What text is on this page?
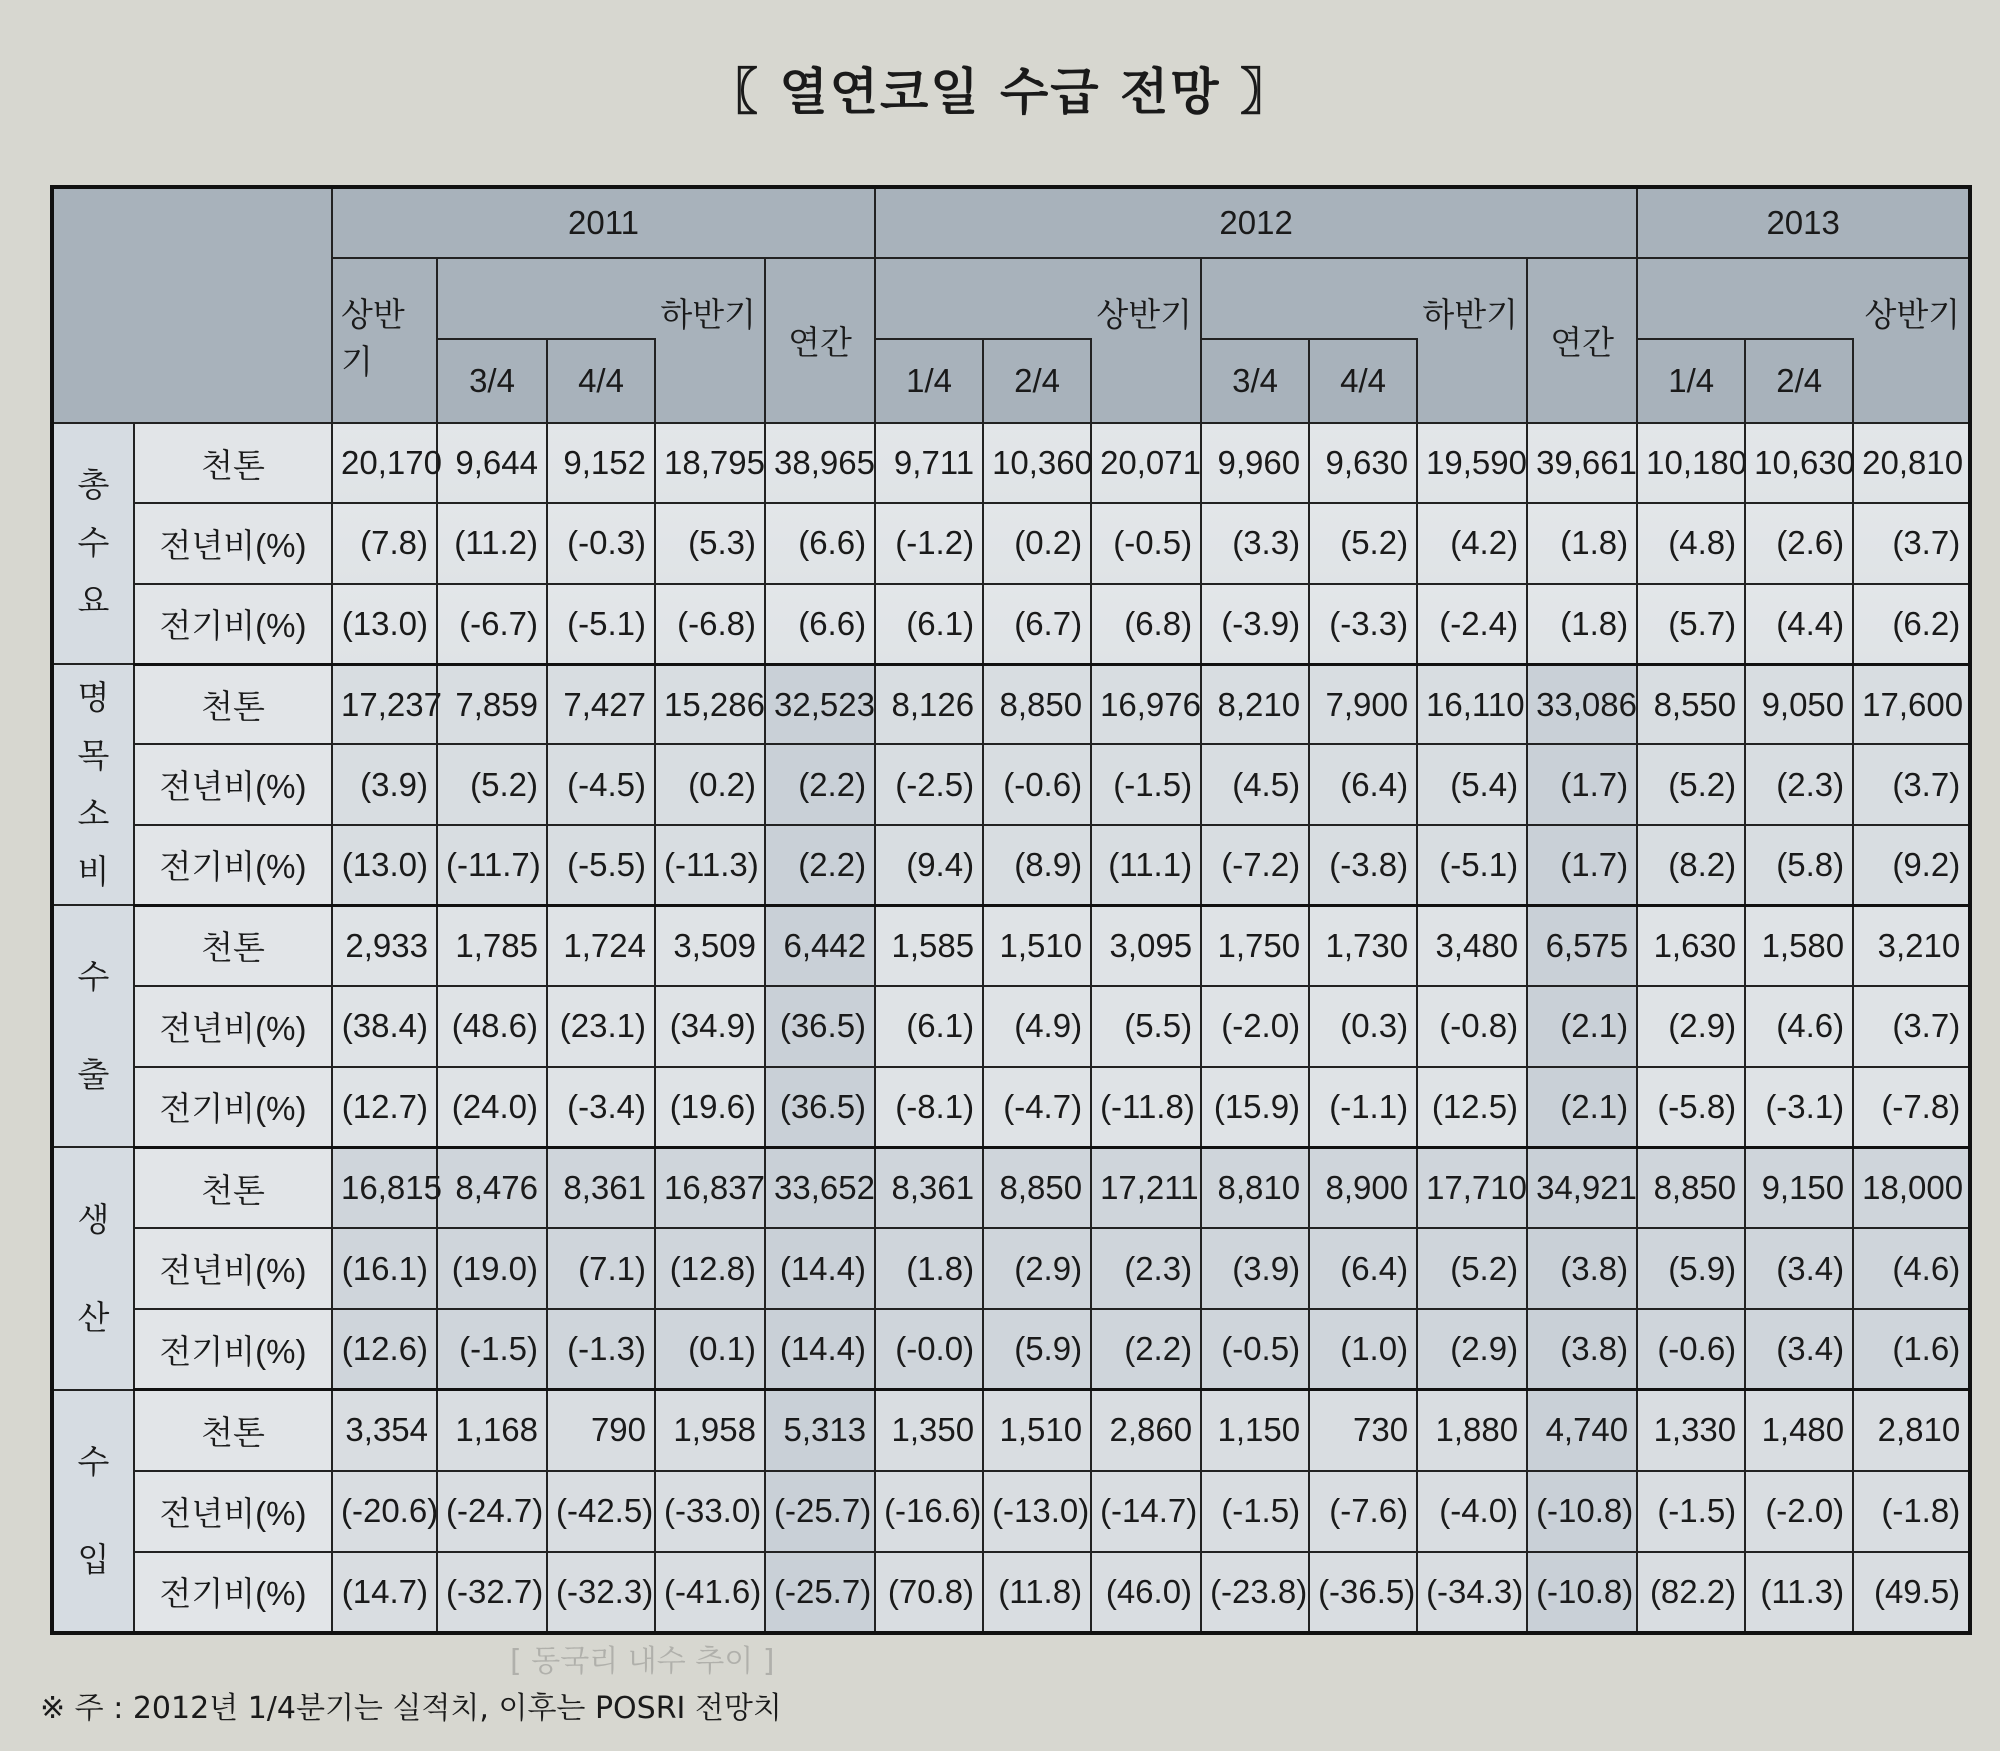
〖 열연코일 수급 전망 〗
		2011					2012							2013		
		상반기	하반기			연간	상반기			하반기			연간	상반기		
			3/4	4/4			1/4	2/4		3/4	4/4			1/4	2/4	

총
수
요	천톤	20,170	9,644	9,152	18,795	38,965	9,711	10,360	20,071	9,960	9,630	19,590	39,661	10,180	10,630	20,810
	전년비(%)	(7.8)	(11.2)	(-0.3)	(5.3)	(6.6)	(-1.2)	(0.2)	(-0.5)	(3.3)	(5.2)	(4.2)	(1.8)	(4.8)	(2.6)	(3.7)
	전기비(%)	(13.0)	(-6.7)	(-5.1)	(-6.8)	(6.6)	(6.1)	(6.7)	(6.8)	(-3.9)	(-3.3)	(-2.4)	(1.8)	(5.7)	(4.4)	(6.2)

명
목
소
비	천톤	17,237	7,859	7,427	15,286	32,523	8,126	8,850	16,976	8,210	7,900	16,110	33,086	8,550	9,050	17,600
	전년비(%)	(3.9)	(5.2)	(-4.5)	(0.2)	(2.2)	(-2.5)	(-0.6)	(-1.5)	(4.5)	(6.4)	(5.4)	(1.7)	(5.2)	(2.3)	(3.7)
	전기비(%)	(13.0)	(-11.7)	(-5.5)	(-11.3)	(2.2)	(9.4)	(8.9)	(11.1)	(-7.2)	(-3.8)	(-5.1)	(1.7)	(8.2)	(5.8)	(9.2)

수
출	천톤	2,933	1,785	1,724	3,509	6,442	1,585	1,510	3,095	1,750	1,730	3,480	6,575	1,630	1,580	3,210
	전년비(%)	(38.4)	(48.6)	(23.1)	(34.9)	(36.5)	(6.1)	(4.9)	(5.5)	(-2.0)	(0.3)	(-0.8)	(2.1)	(2.9)	(4.6)	(3.7)
	전기비(%)	(12.7)	(24.0)	(-3.4)	(19.6)	(36.5)	(-8.1)	(-4.7)	(-11.8)	(15.9)	(-1.1)	(12.5)	(2.1)	(-5.8)	(-3.1)	(-7.8)

생
산	천톤	16,815	8,476	8,361	16,837	33,652	8,361	8,850	17,211	8,810	8,900	17,710	34,921	8,850	9,150	18,000
	전년비(%)	(16.1)	(19.0)	(7.1)	(12.8)	(14.4)	(1.8)	(2.9)	(2.3)	(3.9)	(6.4)	(5.2)	(3.8)	(5.9)	(3.4)	(4.6)
	전기비(%)	(12.6)	(-1.5)	(-1.3)	(0.1)	(14.4)	(-0.0)	(5.9)	(2.2)	(-0.5)	(1.0)	(2.9)	(3.8)	(-0.6)	(3.4)	(1.6)

수
입	천톤	3,354	1,168	790	1,958	5,313	1,350	1,510	2,860	1,150	730	1,880	4,740	1,330	1,480	2,810
	전년비(%)	(-20.6)	(-24.7)	(-42.5)	(-33.0)	(-25.7)	(-16.6)	(-13.0)	(-14.7)	(-1.5)	(-7.6)	(-4.0)	(-10.8)	(-1.5)	(-2.0)	(-1.8)
	전기비(%)	(14.7)	(-32.7)	(-32.3)	(-41.6)	(-25.7)	(70.8)	(11.8)	(46.0)	(-23.8)	(-36.5)	(-34.3)	(-10.8)	(82.2)	(11.3)	(49.5)
[ 동국리 내수 추이 ]
※ 주 : 2012년 1/4분기는 실적치, 이후는 POSRI 전망치
